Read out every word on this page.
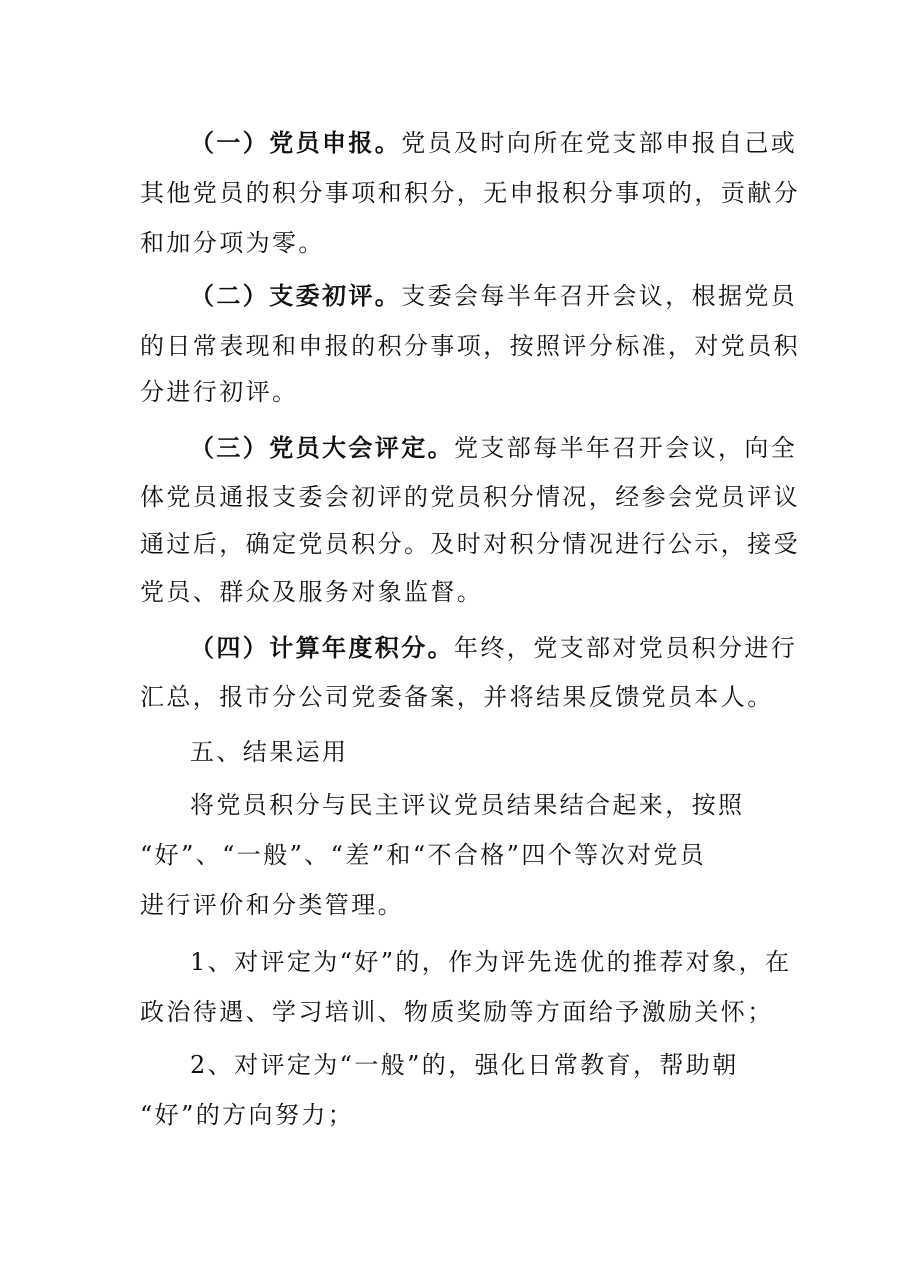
（一）党员申报。党员及时向所在党支部申报自己或
其他党员的积分事项和积分，无申报积分事项的，贡献分
和加分项为零。
（二）支委初评。支委会每半年召开会议，根据党员
的日常表现和申报的积分事项，按照评分标准，对党员积
分进行初评。
（三）党员大会评定。党支部每半年召开会议，向全
体党员通报支委会初评的党员积分情况，经参会党员评议
通过后，确定党员积分。及时对积分情况进行公示，接受
党员、群众及服务对象监督。
（四）计算年度积分。年终，党支部对党员积分进行
汇总，报市分公司党委备案，并将结果反馈党员本人。
五、结果运用
将党员积分与民主评议党员结果结合起来，按照
“好”、“一般”、“差”和“不合格”四个等次对党员
进行评价和分类管理。
1、对评定为“好”的，作为评先选优的推荐对象，在
政治待遇、学习培训、物质奖励等方面给予激励关怀；
2、对评定为“一般”的，强化日常教育，帮助朝
“好”的方向努力；
